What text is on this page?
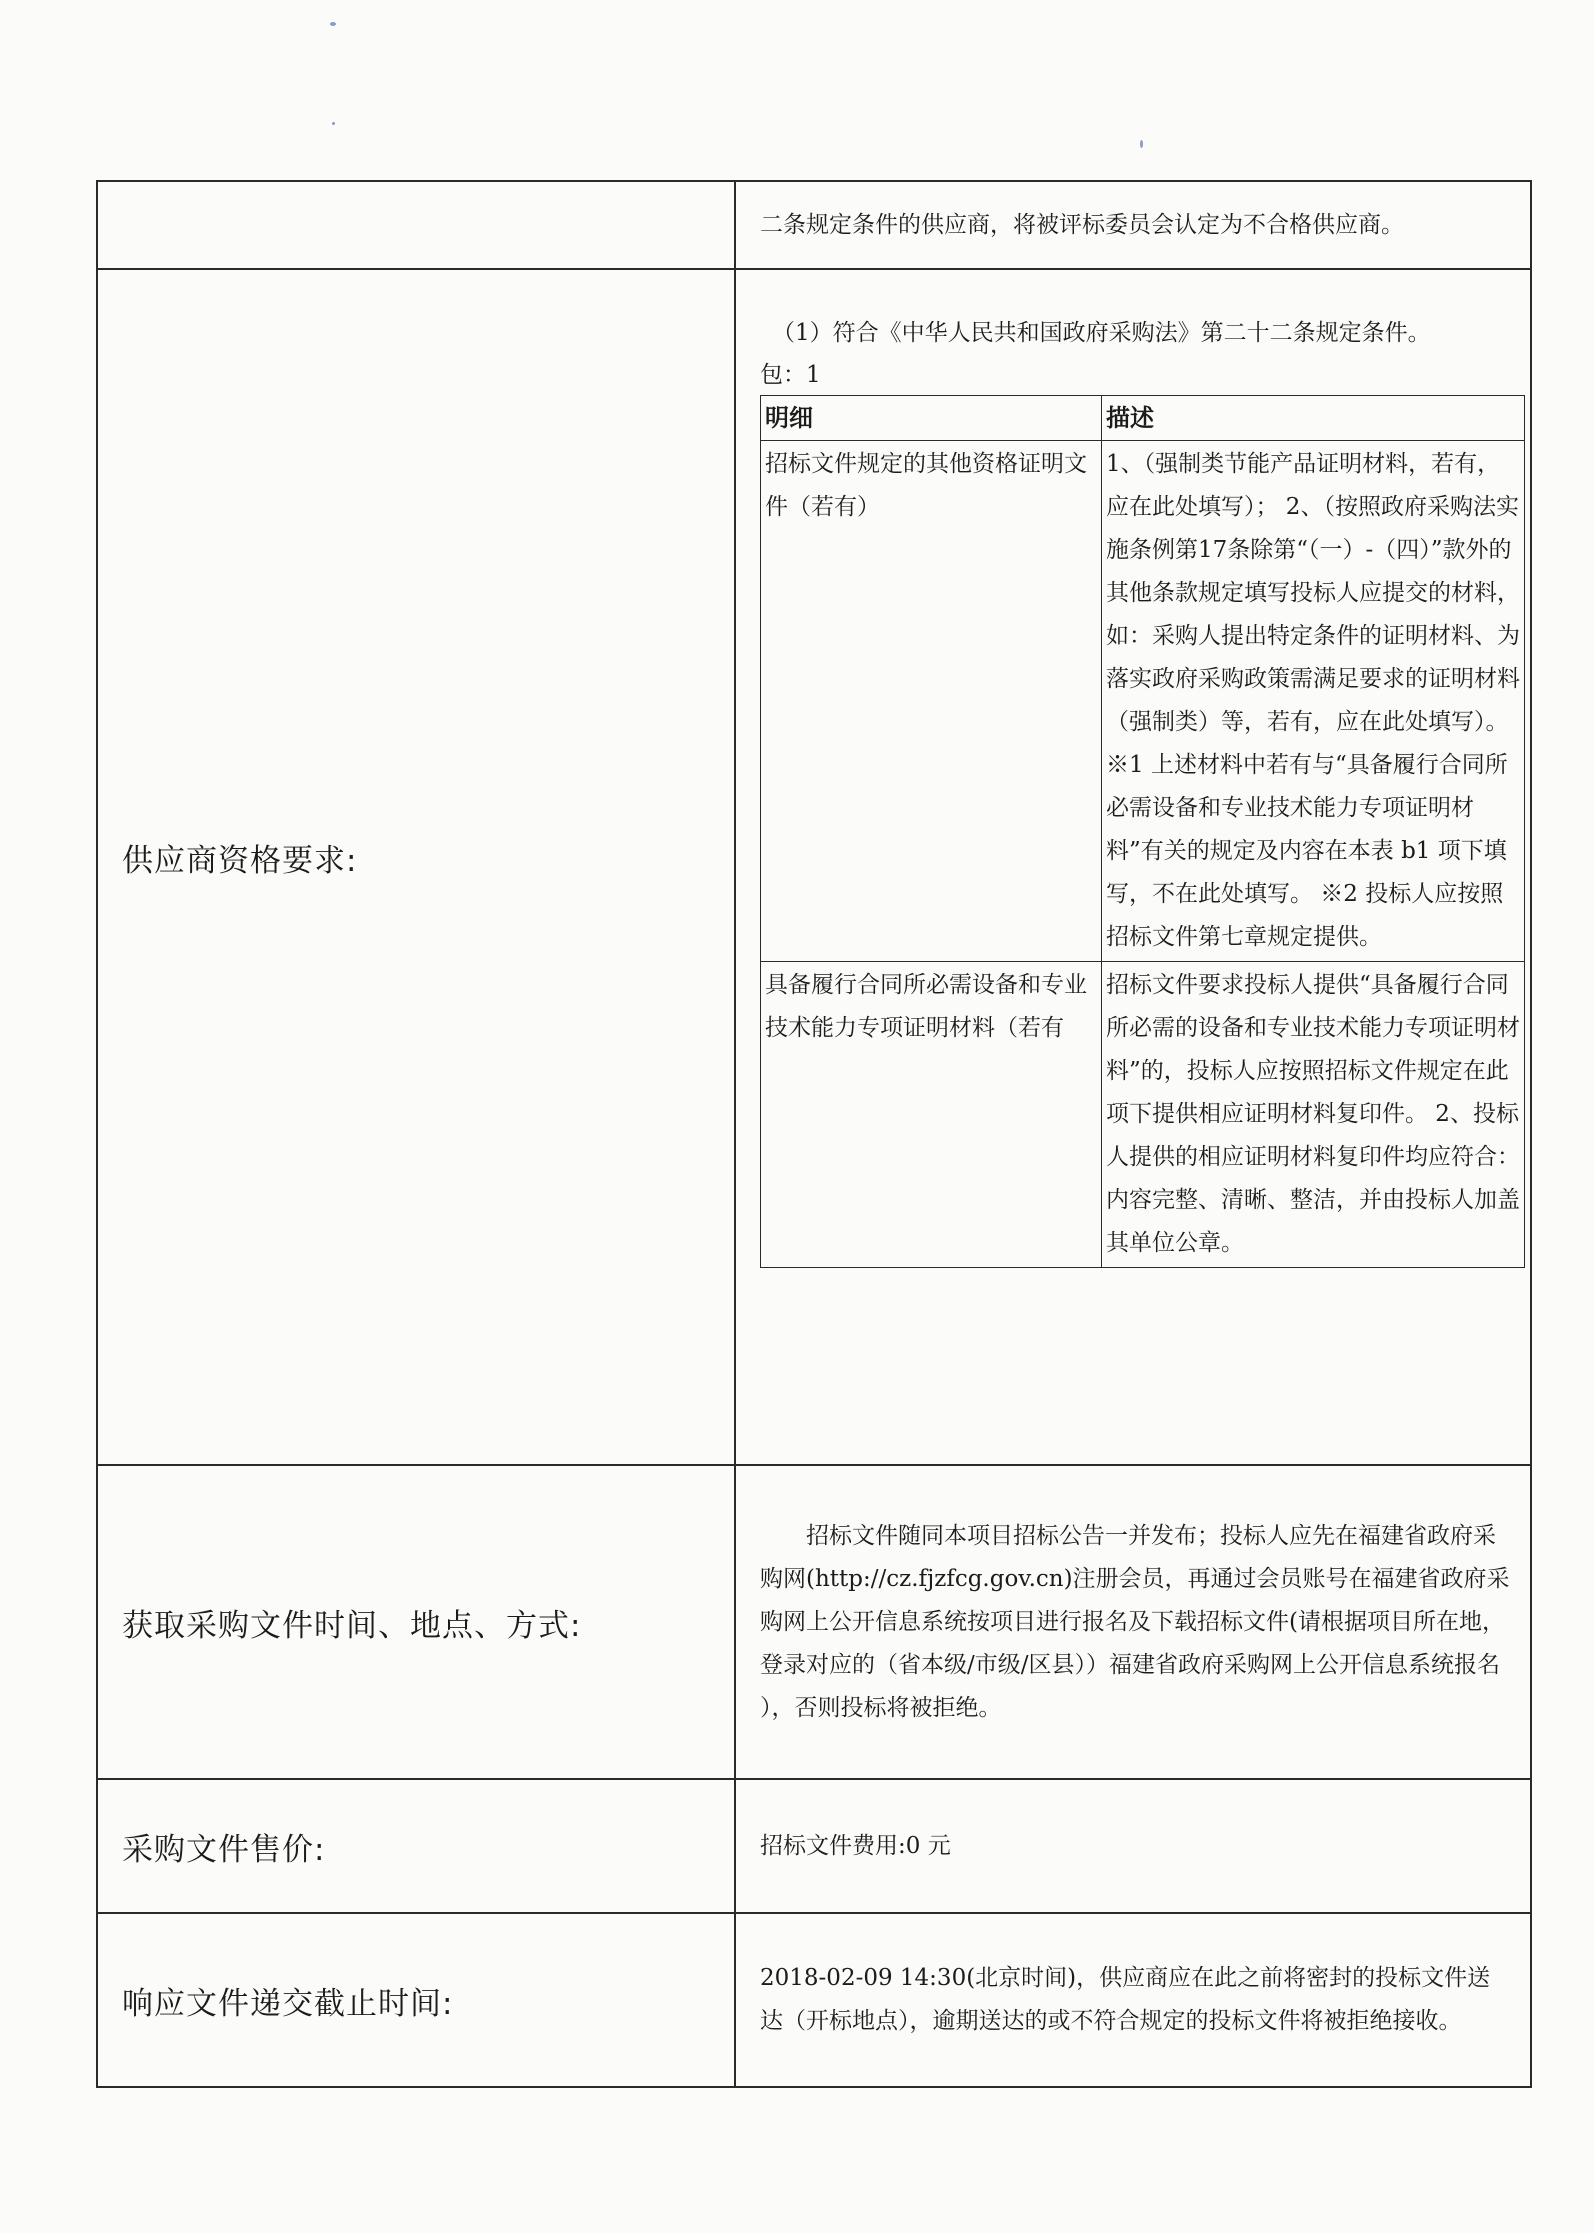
二条规定条件的供应商，将被评标委员会认定为不合格供应商。

供应商资格要求:

（1）符合《中华人民共和国政府采购法》第二十二条规定条件。
包：1
明细	描述
招标文件规定的其他资格证明文件（若有）	1、（强制类节能产品证明材料，若有，应在此处填写）； 2、（按照政府采购法实施条例第17条除第“（一）-（四）”款外的其他条款规定填写投标人应提交的材料，如：采购人提出特定条件的证明材料、为落实政府采购政策需满足要求的证明材料（强制类）等，若有，应在此处填写）。 ※1 上述材料中若有与“具备履行合同所必需设备和专业技术能力专项证明材料”有关的规定及内容在本表 b1 项下填写，不在此处填写。 ※2 投标人应按照招标文件第七章规定提供。
具备履行合同所必需设备和专业技术能力专项证明材料（若有	招标文件要求投标人提供“具备履行合同所必需的设备和专业技术能力专项证明材料”的，投标人应按照招标文件规定在此项下提供相应证明材料复印件。 2、投标人提供的相应证明材料复印件均应符合：内容完整、清晰、整洁，并由投标人加盖其单位公章。

获取采购文件时间、地点、方式:

招标文件随同本项目招标公告一并发布；投标人应先在福建省政府采购网(http://cz.fjzfcg.gov.cn)注册会员，再通过会员账号在福建省政府采购网上公开信息系统按项目进行报名及下载招标文件(请根据项目所在地，登录对应的（省本级/市级/区县））福建省政府采购网上公开信息系统报名
），否则投标将被拒绝。

采购文件售价:	招标文件费用:0 元

响应文件递交截止时间:

2018-02-09 14:30(北京时间)，供应商应在此之前将密封的投标文件送达（开标地点），逾期送达的或不符合规定的投标文件将被拒绝接收。
